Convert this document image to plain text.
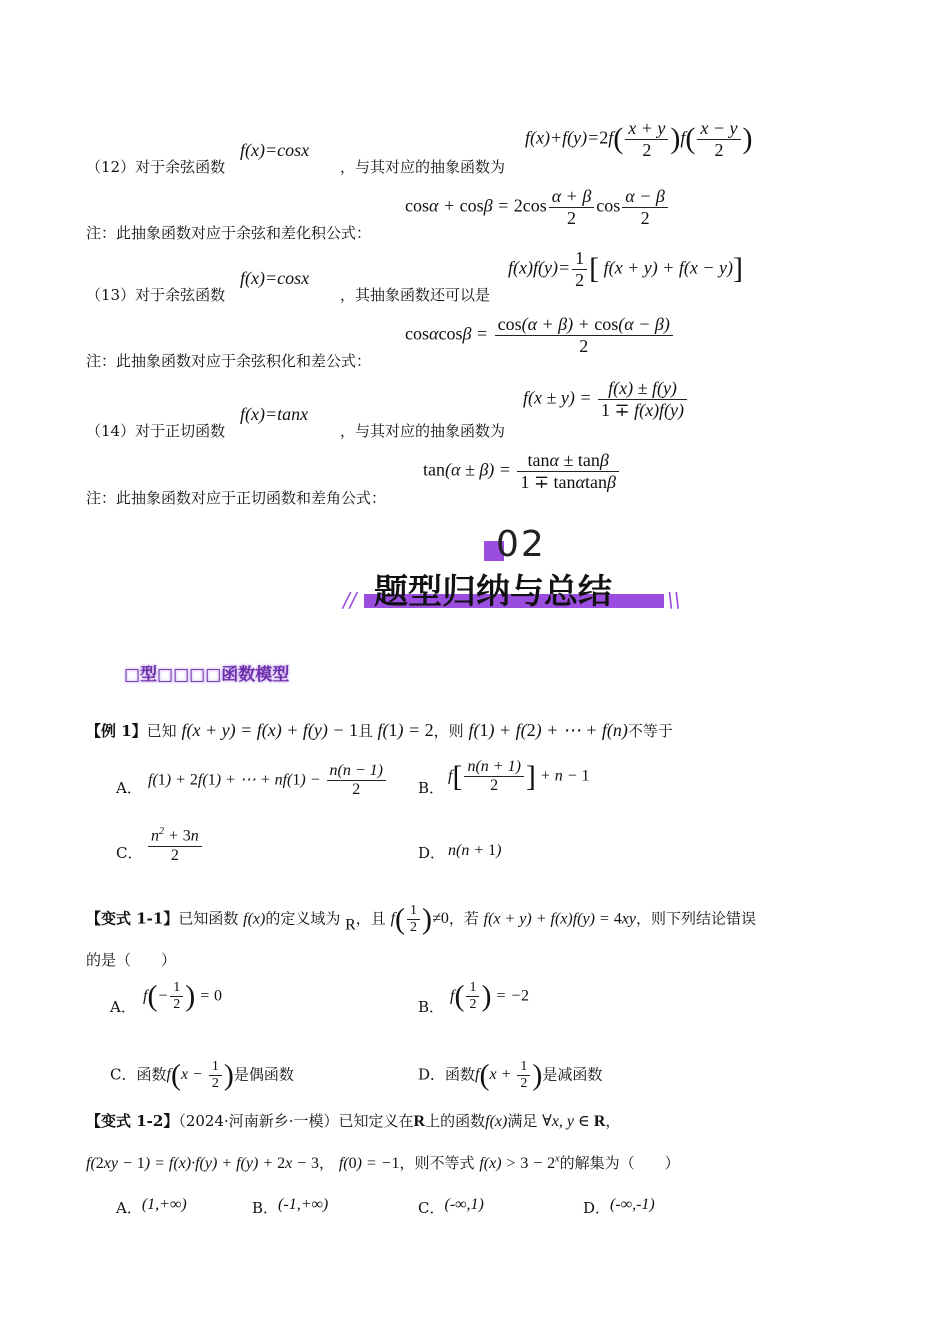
（12）对于余弦函数
f(x)=cosx
，与其对应的抽象函数为
$f(x)+f(y)=2f( \frac{x + y}{2} )f( \frac{x - y}{2}$ )
注：此抽象函数对应于余弦和差化积公式：
$\cos\alpha + \cos\beta = 2\cos \frac{\alpha + \beta}{2}$ $\cos \frac{\alpha - \beta}{2}$
（13）对于余弦函数
f(x)=cosx
，其抽象函数还可以是
$f(x)f(y)= \frac{1}{2}$ [ f(x + y) + f(x − y)]
注：此抽象函数对应于余弦积化和差公式：
$\cos\alpha\cos\beta = \frac{\cos(\alpha + \beta) + \cos(\alpha - \beta)}{2}$
（14）对于正切函数
f(x)=tanx
，与其对应的抽象函数为
$f(x \pm y) = \frac{f(x) \pm f(y)}{1 \mp f(x)f(y)}$
注：此抽象函数对应于正切函数和差角公式：
$\tan(\alpha \pm \beta) = \frac{\tan\alpha \pm \tan\beta}{1 \mp \tan\alpha\tan\beta}$
02
题型归纳与总结
//	\\
□型□□□□函数模型
【例 1】已知 f(x + y) = f(x) + f(y) − 1且 f(1) = 2，则 f(1) + f(2) + ⋯ + f(n)不等于
A． f(1) + 2f(1) + ⋯ + $nf(1) - \frac{n(n - 1)}{2}$ B．
$f[ \frac{n(n + 1)}{2}$ ] + n − 1
C． $\frac{n^2 + 3n}{2}$	D． n(n + 1)
【变式 1-1】已知函数 f(x)的定义域为 R，且 $f( \frac{1}{2} )\ne 0$，若 f(x + y) + f(x)f(y) = 4xy，则下列结论错误
的是（　　）
A．
$f(- \frac{1}{2}$ ) = 0
B．
$f( \frac{1}{2}$ ) = −2
C．函数$f(x - \frac{1}{2}$ )是偶函数	D．函数$f(x + \frac{1}{2}$ )是减函数
【变式 1-2】（2024·河南新乡·一模）已知定义在R上的函数f(x)满足 ∀x, y ∈ R，
f(2xy − 1) = f(x)·f(y) + f(y) + 2x − 3， f(0) = −1，则不等式 $f(x) > 3 - 2^x$的解集为（　　）
A．(1,+∞)	B．(-1,+∞)	C．(-∞,1)	D．(-∞,-1)
